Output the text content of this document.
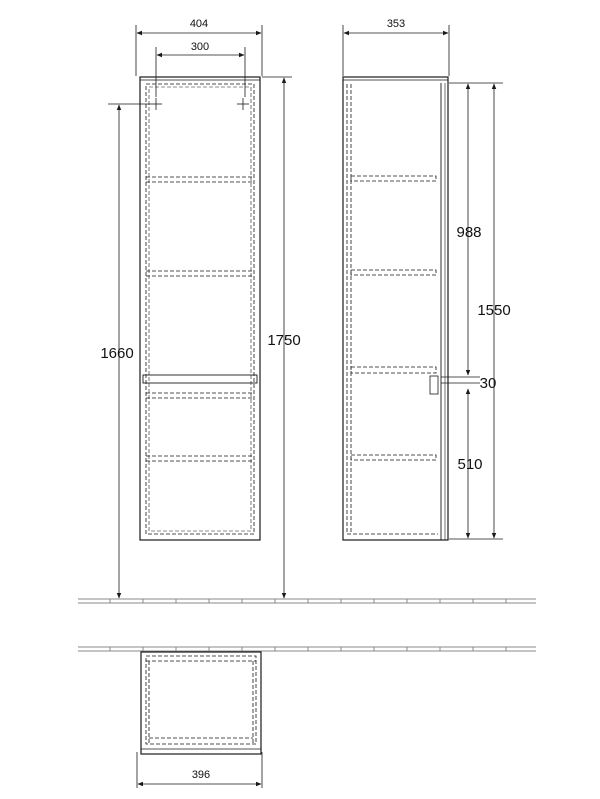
404
300
1660
1750
353
988
30
510
1550
396
